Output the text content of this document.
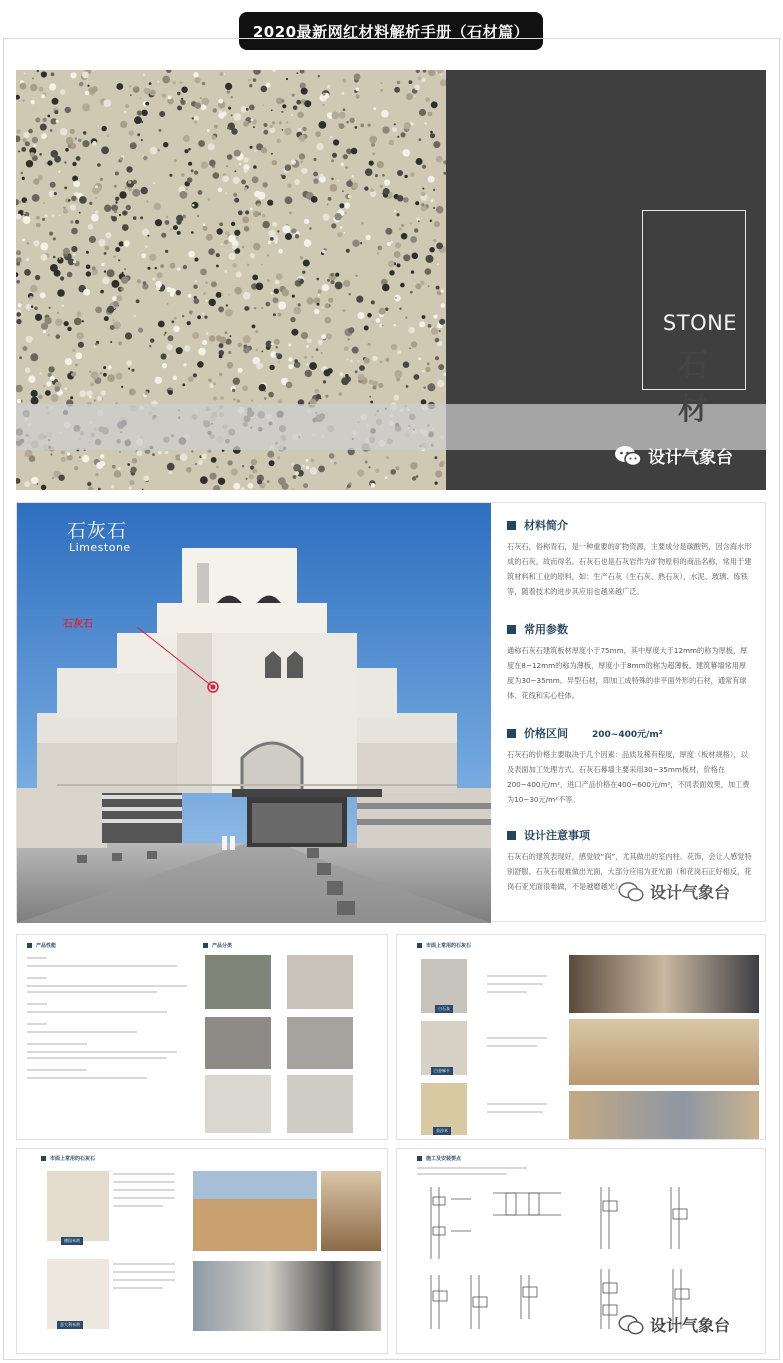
2020最新网红材料解析手册（石材篇）
STONE
石 材
设计气象台
石灰石
Limestone
石灰石
材料简介
石灰石，俗称青石，是一种重要的矿物资源，主要成分是碳酸钙，因含海水形成的石灰，故而得名。石灰石也是石灰岩作为矿物原料的商品名称，常用于建筑材料和工业的原料，如：生产石灰（生石灰、熟石灰），水泥、玻璃、炼铁等，随着技术的进步其应用也越来越广泛。
常用参数
通称石灰石建筑板材厚度小于75mm，其中厚度大于12mm的称为厚板，厚度在8~12mm的称为薄板，厚度小于8mm的称为超薄板。建筑幕墙常用厚度为30~35mm。异型石材，即加工成特殊的非平面外形的石材，通常有球体、花线和实心柱体。
价格区间	200~400元/m²
石灰石的价格主要取决于几个因素：品质及稀有程度，厚度（板材规格），以及表面加工处理方式。石灰石幕墙主要采用30~35mm板材，价格在200~400元/m²，进口产品价格在400~600元/m²，不同表面效果，加工费为10~30元/m²不等。
设计注意事项
石灰石的建筑表现好，感觉较“润”，尤其做出的室内柱、花饰，会让人感觉特别舒服。石灰石很难做出光面，大部分应用为亚光面（和花岗石正好相反，花岗石亚光面很难做，不是越磨越光）	设计气象台
产品性能	产品分类	市面上常用的石灰石
白石灰
白金麻卡
金沙米
市面上常用的石灰石
德国米黄
意大利米黄
施工及安装要点
设计气象台
